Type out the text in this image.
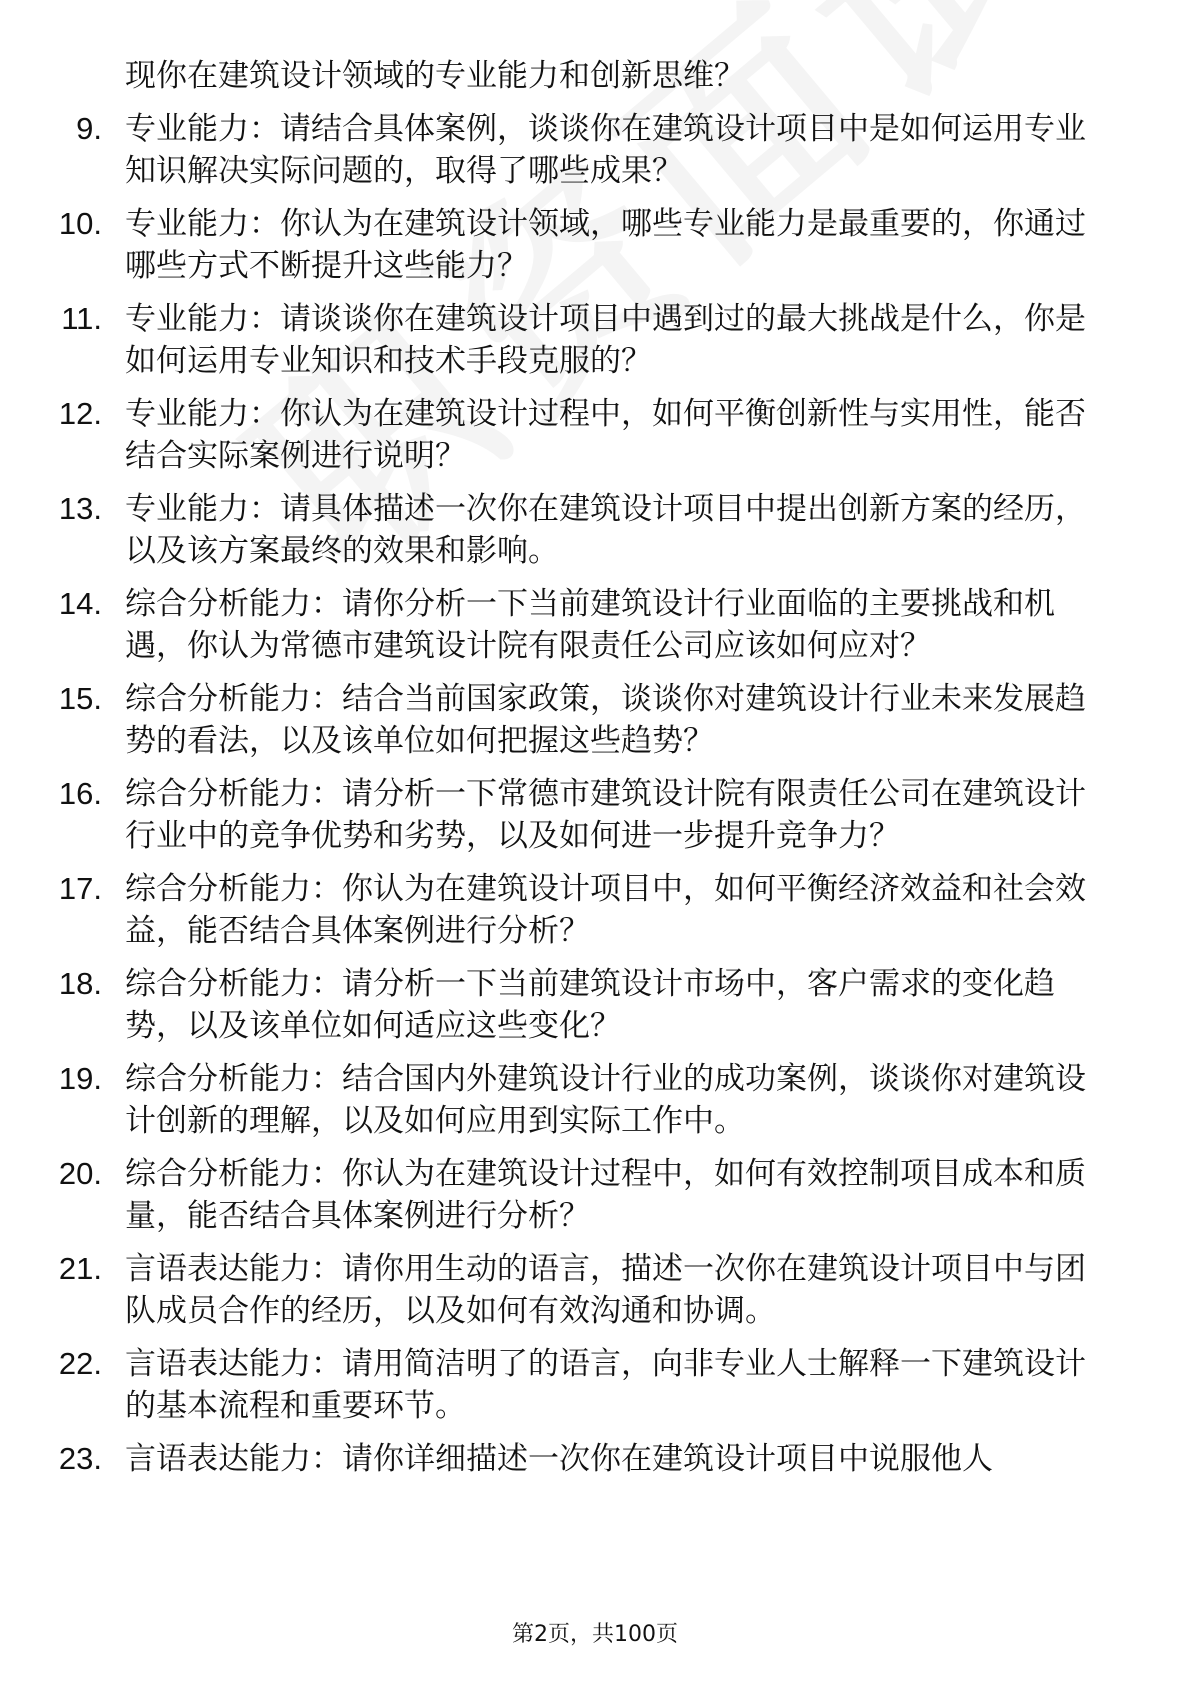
现你在建筑设计领域的专业能力和创新思维？
9. 专业能力：请结合具体案例，谈谈你在建筑设计项目中是如何运用专业知识解决实际问题的，取得了哪些成果？
10. 专业能力：你认为在建筑设计领域，哪些专业能力是最重要的，你通过哪些方式不断提升这些能力？
11. 专业能力：请谈谈你在建筑设计项目中遇到过的最大挑战是什么，你是如何运用专业知识和技术手段克服的？
12. 专业能力：你认为在建筑设计过程中，如何平衡创新性与实用性，能否结合实际案例进行说明？
13. 专业能力：请具体描述一次你在建筑设计项目中提出创新方案的经历，以及该方案最终的效果和影响。
14. 综合分析能力：请你分析一下当前建筑设计行业面临的主要挑战和机遇，你认为常德市建筑设计院有限责任公司应该如何应对？
15. 综合分析能力：结合当前国家政策，谈谈你对建筑设计行业未来发展趋势的看法，以及该单位如何把握这些趋势？
16. 综合分析能力：请分析一下常德市建筑设计院有限责任公司在建筑设计行业中的竞争优势和劣势，以及如何进一步提升竞争力？
17. 综合分析能力：你认为在建筑设计项目中，如何平衡经济效益和社会效益，能否结合具体案例进行分析？
18. 综合分析能力：请分析一下当前建筑设计市场中，客户需求的变化趋势，以及该单位如何适应这些变化？
19. 综合分析能力：结合国内外建筑设计行业的成功案例，谈谈你对建筑设计创新的理解，以及如何应用到实际工作中。
20. 综合分析能力：你认为在建筑设计过程中，如何有效控制项目成本和质量，能否结合具体案例进行分析？
21. 言语表达能力：请你用生动的语言，描述一次你在建筑设计项目中与团队成员合作的经历，以及如何有效沟通和协调。
22. 言语表达能力：请用简洁明了的语言，向非专业人士解释一下建筑设计的基本流程和重要环节。
23. 言语表达能力：请你详细描述一次你在建筑设计项目中说服他人
第2页，共100页
